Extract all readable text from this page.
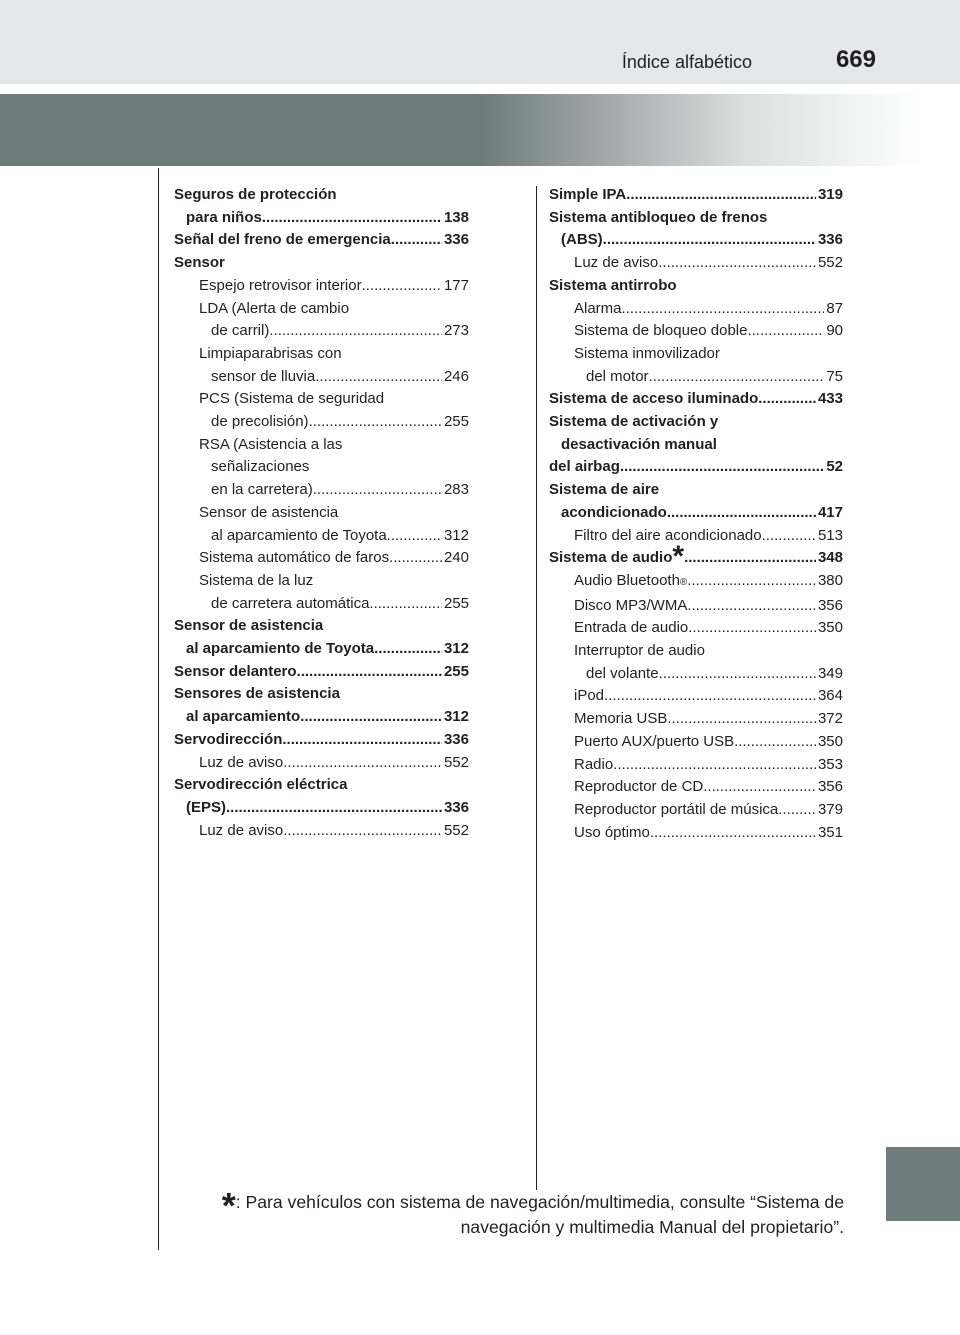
Índice alfabético	669
Seguros de protección
para niños .....	138
Señal del freno de emergencia .....	336
Sensor
Espejo retrovisor interior .....	177
LDA (Alerta de cambio
de carril) .....	273
Limpiaparabrisas con
sensor de lluvia .....	246
PCS (Sistema de seguridad
de precolisión) .....	255
RSA (Asistencia a las
señalizaciones
en la carretera) .....	283
Sensor de asistencia
al aparcamiento de Toyota .....	312
Sistema automático de faros .....	240
Sistema de la luz
de carretera automática .....	255
Sensor de asistencia
al aparcamiento de Toyota .....	312
Sensor delantero .....	255
Sensores de asistencia
al aparcamiento .....	312
Servodirección .....	336
Luz de aviso .....	552
Servodirección eléctrica
(EPS) .....	336
Luz de aviso .....	552
Simple IPA .....	319
Sistema antibloqueo de frenos
(ABS) .....	336
Luz de aviso .....	552
Sistema antirrobo
Alarma .....	87
Sistema de bloqueo doble .....	90
Sistema inmovilizador
del motor .....	75
Sistema de acceso iluminado .....	433
Sistema de activación y
desactivación manual
del airbag .....	52
Sistema de aire
acondicionado .....	417
Filtro del aire acondicionado .....	513
Sistema de audio * .....	348
Audio Bluetooth ® .....	380
Disco MP3/WMA .....	356
Entrada de audio .....	350
Interruptor de audio
del volante .....	349
iPod .....	364
Memoria USB .....	372
Puerto AUX/puerto USB .....	350
Radio .....	353
Reproductor de CD .....	356
Reproductor portátil de música .....	379
Uso óptimo .....	351
*: Para vehículos con sistema de navegación/multimedia, consulte “Sistema de
navegación y multimedia Manual del propietario”.
